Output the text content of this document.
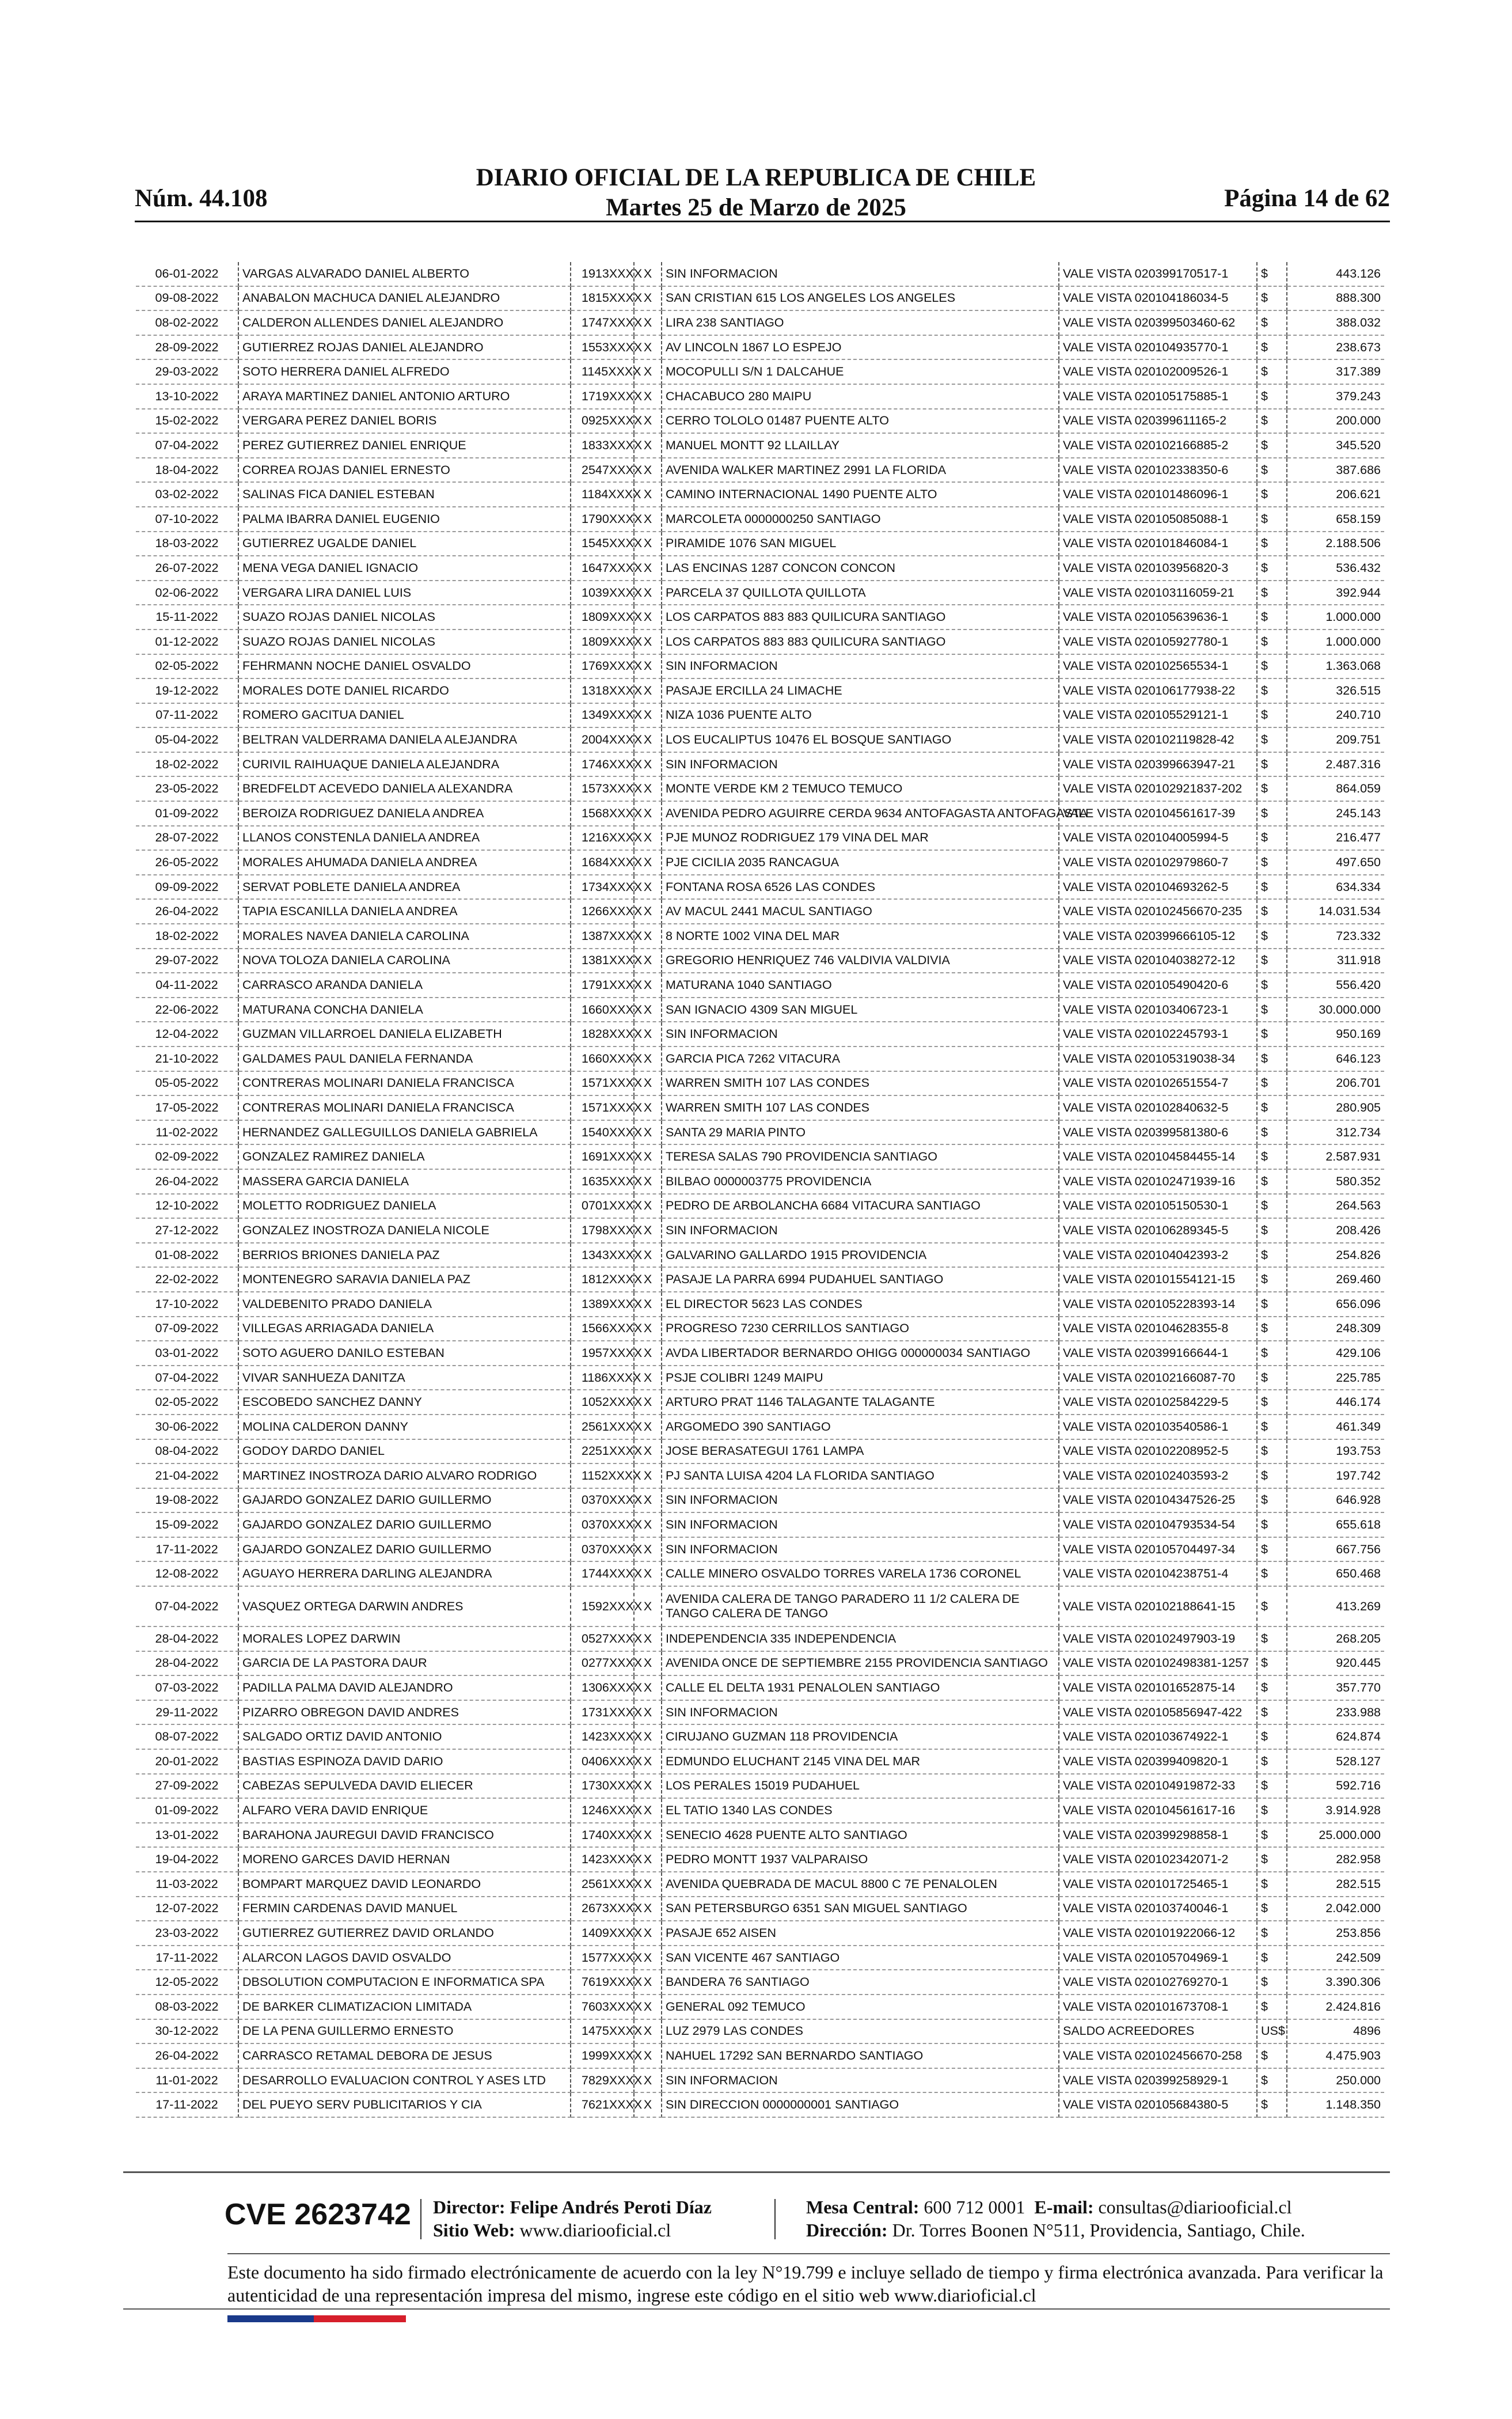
Núm. 44.108
DIARIO OFICIAL DE LA REPUBLICA DE CHILE
Martes 25 de Marzo de 2025	Página 14 de 62
06-01-2022	VARGAS ALVARADO DANIEL ALBERTO	1913XXXX	X	SIN INFORMACION	VALE VISTA 020399170517-1	$	443.126
09-08-2022	ANABALON MACHUCA DANIEL ALEJANDRO	1815XXXX	X	SAN CRISTIAN 615 LOS ANGELES LOS ANGELES	VALE VISTA 020104186034-5	$	888.300
08-02-2022	CALDERON ALLENDES DANIEL ALEJANDRO	1747XXXX	X	LIRA 238 SANTIAGO	VALE VISTA 020399503460-62	$	388.032
28-09-2022	GUTIERREZ ROJAS DANIEL ALEJANDRO	1553XXXX	X	AV LINCOLN 1867 LO ESPEJO	VALE VISTA 020104935770-1	$	238.673
29-03-2022	SOTO HERRERA DANIEL ALFREDO	1145XXXX	X	MOCOPULLI S/N 1 DALCAHUE	VALE VISTA 020102009526-1	$	317.389
13-10-2022	ARAYA MARTINEZ DANIEL ANTONIO ARTURO	1719XXXX	X	CHACABUCO 280 MAIPU	VALE VISTA 020105175885-1	$	379.243
15-02-2022	VERGARA PEREZ DANIEL BORIS	0925XXXX	X	CERRO TOLOLO 01487 PUENTE ALTO	VALE VISTA 020399611165-2	$	200.000
07-04-2022	PEREZ GUTIERREZ DANIEL ENRIQUE	1833XXXX	X	MANUEL MONTT 92 LLAILLAY	VALE VISTA 020102166885-2	$	345.520
18-04-2022	CORREA ROJAS DANIEL ERNESTO	2547XXXX	X	AVENIDA WALKER MARTINEZ 2991 LA FLORIDA	VALE VISTA 020102338350-6	$	387.686
03-02-2022	SALINAS FICA DANIEL ESTEBAN	1184XXXX	X	CAMINO INTERNACIONAL 1490 PUENTE ALTO	VALE VISTA 020101486096-1	$	206.621
07-10-2022	PALMA IBARRA DANIEL EUGENIO	1790XXXX	X	MARCOLETA 0000000250 SANTIAGO	VALE VISTA 020105085088-1	$	658.159
18-03-2022	GUTIERREZ UGALDE DANIEL	1545XXXX	X	PIRAMIDE 1076 SAN MIGUEL	VALE VISTA 020101846084-1	$	2.188.506
26-07-2022	MENA VEGA DANIEL IGNACIO	1647XXXX	X	LAS ENCINAS 1287 CONCON CONCON	VALE VISTA 020103956820-3	$	536.432
02-06-2022	VERGARA LIRA DANIEL LUIS	1039XXXX	X	PARCELA 37 QUILLOTA QUILLOTA	VALE VISTA 020103116059-21	$	392.944
15-11-2022	SUAZO ROJAS DANIEL NICOLAS	1809XXXX	X	LOS CARPATOS 883 883 QUILICURA SANTIAGO	VALE VISTA 020105639636-1	$	1.000.000
01-12-2022	SUAZO ROJAS DANIEL NICOLAS	1809XXXX	X	LOS CARPATOS 883 883 QUILICURA SANTIAGO	VALE VISTA 020105927780-1	$	1.000.000
02-05-2022	FEHRMANN NOCHE DANIEL OSVALDO	1769XXXX	X	SIN INFORMACION	VALE VISTA 020102565534-1	$	1.363.068
19-12-2022	MORALES DOTE DANIEL RICARDO	1318XXXX	X	PASAJE ERCILLA 24 LIMACHE	VALE VISTA 020106177938-22	$	326.515
07-11-2022	ROMERO GACITUA DANIEL	1349XXXX	X	NIZA 1036 PUENTE ALTO	VALE VISTA 020105529121-1	$	240.710
05-04-2022	BELTRAN VALDERRAMA DANIELA ALEJANDRA	2004XXXX	X	LOS EUCALIPTUS 10476 EL BOSQUE SANTIAGO	VALE VISTA 020102119828-42	$	209.751
18-02-2022	CURIVIL RAIHUAQUE DANIELA ALEJANDRA	1746XXXX	X	SIN INFORMACION	VALE VISTA 020399663947-21	$	2.487.316
23-05-2022	BREDFELDT ACEVEDO DANIELA ALEXANDRA	1573XXXX	X	MONTE VERDE KM 2 TEMUCO TEMUCO	VALE VISTA 020102921837-202	$	864.059
01-09-2022	BEROIZA RODRIGUEZ DANIELA ANDREA	1568XXXX	X	AVENIDA PEDRO AGUIRRE CERDA 9634 ANTOFAGASTA ANTOFAGASTA	VALE VISTA 020104561617-39	$	245.143
28-07-2022	LLANOS CONSTENLA DANIELA ANDREA	1216XXXX	X	PJE MUNOZ RODRIGUEZ 179 VINA DEL MAR	VALE VISTA 020104005994-5	$	216.477
26-05-2022	MORALES AHUMADA DANIELA ANDREA	1684XXXX	X	PJE CICILIA 2035 RANCAGUA	VALE VISTA 020102979860-7	$	497.650
09-09-2022	SERVAT POBLETE DANIELA ANDREA	1734XXXX	X	FONTANA ROSA 6526 LAS CONDES	VALE VISTA 020104693262-5	$	634.334
26-04-2022	TAPIA ESCANILLA DANIELA ANDREA	1266XXXX	X	AV MACUL 2441 MACUL SANTIAGO	VALE VISTA 020102456670-235	$	14.031.534
18-02-2022	MORALES NAVEA DANIELA CAROLINA	1387XXXX	X	8 NORTE 1002 VINA DEL MAR	VALE VISTA 020399666105-12	$	723.332
29-07-2022	NOVA TOLOZA DANIELA CAROLINA	1381XXXX	X	GREGORIO HENRIQUEZ 746 VALDIVIA VALDIVIA	VALE VISTA 020104038272-12	$	311.918
04-11-2022	CARRASCO ARANDA DANIELA	1791XXXX	X	MATURANA 1040 SANTIAGO	VALE VISTA 020105490420-6	$	556.420
22-06-2022	MATURANA CONCHA DANIELA	1660XXXX	X	SAN IGNACIO 4309 SAN MIGUEL	VALE VISTA 020103406723-1	$	30.000.000
12-04-2022	GUZMAN VILLARROEL DANIELA ELIZABETH	1828XXXX	X	SIN INFORMACION	VALE VISTA 020102245793-1	$	950.169
21-10-2022	GALDAMES PAUL DANIELA FERNANDA	1660XXXX	X	GARCIA PICA 7262 VITACURA	VALE VISTA 020105319038-34	$	646.123
05-05-2022	CONTRERAS MOLINARI DANIELA FRANCISCA	1571XXXX	X	WARREN SMITH 107 LAS CONDES	VALE VISTA 020102651554-7	$	206.701
17-05-2022	CONTRERAS MOLINARI DANIELA FRANCISCA	1571XXXX	X	WARREN SMITH 107 LAS CONDES	VALE VISTA 020102840632-5	$	280.905
11-02-2022	HERNANDEZ GALLEGUILLOS DANIELA GABRIELA	1540XXXX	X	SANTA 29 MARIA PINTO	VALE VISTA 020399581380-6	$	312.734
02-09-2022	GONZALEZ RAMIREZ DANIELA	1691XXXX	X	TERESA SALAS 790 PROVIDENCIA SANTIAGO	VALE VISTA 020104584455-14	$	2.587.931
26-04-2022	MASSERA GARCIA DANIELA	1635XXXX	X	BILBAO 0000003775 PROVIDENCIA	VALE VISTA 020102471939-16	$	580.352
12-10-2022	MOLETTO RODRIGUEZ DANIELA	0701XXXX	X	PEDRO DE ARBOLANCHA 6684 VITACURA SANTIAGO	VALE VISTA 020105150530-1	$	264.563
27-12-2022	GONZALEZ INOSTROZA DANIELA NICOLE	1798XXXX	X	SIN INFORMACION	VALE VISTA 020106289345-5	$	208.426
01-08-2022	BERRIOS BRIONES DANIELA PAZ	1343XXXX	X	GALVARINO GALLARDO 1915 PROVIDENCIA	VALE VISTA 020104042393-2	$	254.826
22-02-2022	MONTENEGRO SARAVIA DANIELA PAZ	1812XXXX	X	PASAJE LA PARRA 6994 PUDAHUEL SANTIAGO	VALE VISTA 020101554121-15	$	269.460
17-10-2022	VALDEBENITO PRADO DANIELA	1389XXXX	X	EL DIRECTOR 5623 LAS CONDES	VALE VISTA 020105228393-14	$	656.096
07-09-2022	VILLEGAS ARRIAGADA DANIELA	1566XXXX	X	PROGRESO 7230 CERRILLOS SANTIAGO	VALE VISTA 020104628355-8	$	248.309
03-01-2022	SOTO AGUERO DANILO ESTEBAN	1957XXXX	X	AVDA LIBERTADOR BERNARDO OHIGG 000000034 SANTIAGO	VALE VISTA 020399166644-1	$	429.106
07-04-2022	VIVAR SANHUEZA DANITZA	1186XXXX	X	PSJE COLIBRI 1249 MAIPU	VALE VISTA 020102166087-70	$	225.785
02-05-2022	ESCOBEDO SANCHEZ DANNY	1052XXXX	X	ARTURO PRAT 1146 TALAGANTE TALAGANTE	VALE VISTA 020102584229-5	$	446.174
30-06-2022	MOLINA CALDERON DANNY	2561XXXX	X	ARGOMEDO 390 SANTIAGO	VALE VISTA 020103540586-1	$	461.349
08-04-2022	GODOY DARDO DANIEL	2251XXXX	X	JOSE BERASATEGUI 1761 LAMPA	VALE VISTA 020102208952-5	$	193.753
21-04-2022	MARTINEZ INOSTROZA DARIO ALVARO RODRIGO	1152XXXX	X	PJ SANTA LUISA 4204 LA FLORIDA SANTIAGO	VALE VISTA 020102403593-2	$	197.742
19-08-2022	GAJARDO GONZALEZ DARIO GUILLERMO	0370XXXX	X	SIN INFORMACION	VALE VISTA 020104347526-25	$	646.928
15-09-2022	GAJARDO GONZALEZ DARIO GUILLERMO	0370XXXX	X	SIN INFORMACION	VALE VISTA 020104793534-54	$	655.618
17-11-2022	GAJARDO GONZALEZ DARIO GUILLERMO	0370XXXX	X	SIN INFORMACION	VALE VISTA 020105704497-34	$	667.756
12-08-2022	AGUAYO HERRERA DARLING ALEJANDRA	1744XXXX	X	CALLE MINERO OSVALDO TORRES VARELA 1736 CORONEL	VALE VISTA 020104238751-4	$	650.468
07-04-2022	VASQUEZ ORTEGA DARWIN ANDRES	1592XXXX	X	AVENIDA CALERA DE TANGO PARADERO 11 1/2 CALERA DE TANGO CALERA DE TANGO	VALE VISTA 020102188641-15	$	413.269
28-04-2022	MORALES LOPEZ DARWIN	0527XXXX	X	INDEPENDENCIA 335 INDEPENDENCIA	VALE VISTA 020102497903-19	$	268.205
28-04-2022	GARCIA DE LA PASTORA DAUR	0277XXXX	X	AVENIDA ONCE DE SEPTIEMBRE 2155 PROVIDENCIA SANTIAGO	VALE VISTA 020102498381-1257	$	920.445
07-03-2022	PADILLA PALMA DAVID ALEJANDRO	1306XXXX	X	CALLE EL DELTA 1931 PENALOLEN SANTIAGO	VALE VISTA 020101652875-14	$	357.770
29-11-2022	PIZARRO OBREGON DAVID ANDRES	1731XXXX	X	SIN INFORMACION	VALE VISTA 020105856947-422	$	233.988
08-07-2022	SALGADO ORTIZ DAVID ANTONIO	1423XXXX	X	CIRUJANO GUZMAN 118 PROVIDENCIA	VALE VISTA 020103674922-1	$	624.874
20-01-2022	BASTIAS ESPINOZA DAVID DARIO	0406XXXX	X	EDMUNDO ELUCHANT 2145 VINA DEL MAR	VALE VISTA 020399409820-1	$	528.127
27-09-2022	CABEZAS SEPULVEDA DAVID ELIECER	1730XXXX	X	LOS PERALES 15019 PUDAHUEL	VALE VISTA 020104919872-33	$	592.716
01-09-2022	ALFARO VERA DAVID ENRIQUE	1246XXXX	X	EL TATIO 1340 LAS CONDES	VALE VISTA 020104561617-16	$	3.914.928
13-01-2022	BARAHONA JAUREGUI DAVID FRANCISCO	1740XXXX	X	SENECIO 4628 PUENTE ALTO SANTIAGO	VALE VISTA 020399298858-1	$	25.000.000
19-04-2022	MORENO GARCES DAVID HERNAN	1423XXXX	X	PEDRO MONTT 1937 VALPARAISO	VALE VISTA 020102342071-2	$	282.958
11-03-2022	BOMPART MARQUEZ DAVID LEONARDO	2561XXXX	X	AVENIDA QUEBRADA DE MACUL 8800 C 7E PENALOLEN	VALE VISTA 020101725465-1	$	282.515
12-07-2022	FERMIN CARDENAS DAVID MANUEL	2673XXXX	X	SAN PETERSBURGO 6351 SAN MIGUEL SANTIAGO	VALE VISTA 020103740046-1	$	2.042.000
23-03-2022	GUTIERREZ GUTIERREZ DAVID ORLANDO	1409XXXX	X	PASAJE 652 AISEN	VALE VISTA 020101922066-12	$	253.856
17-11-2022	ALARCON LAGOS DAVID OSVALDO	1577XXXX	X	SAN VICENTE 467 SANTIAGO	VALE VISTA 020105704969-1	$	242.509
12-05-2022	DBSOLUTION COMPUTACION E INFORMATICA SPA	7619XXXX	X	BANDERA 76 SANTIAGO	VALE VISTA 020102769270-1	$	3.390.306
08-03-2022	DE BARKER CLIMATIZACION LIMITADA	7603XXXX	X	GENERAL 092 TEMUCO	VALE VISTA 020101673708-1	$	2.424.816
30-12-2022	DE LA PENA GUILLERMO ERNESTO	1475XXXX	X	LUZ 2979 LAS CONDES	SALDO ACREEDORES	US$	4896
26-04-2022	CARRASCO RETAMAL DEBORA DE JESUS	1999XXXX	X	NAHUEL 17292 SAN BERNARDO SANTIAGO	VALE VISTA 020102456670-258	$	4.475.903
11-01-2022	DESARROLLO EVALUACION CONTROL Y ASES LTD	7829XXXX	X	SIN INFORMACION	VALE VISTA 020399258929-1	$	250.000
17-11-2022	DEL PUEYO SERV PUBLICITARIOS Y CIA	7621XXXX	X	SIN DIRECCION 0000000001 SANTIAGO	VALE VISTA 020105684380-5	$	1.148.350
CVE 2623742 Director: Felipe Andrés Peroti Díaz
Sitio Web: www.diariooficial.cl
Mesa Central: 600 712 0001 E-mail: consultas@diariooficial.cl
Dirección: Dr. Torres Boonen N°511, Providencia, Santiago, Chile.
Este documento ha sido firmado electrónicamente de acuerdo con la ley N°19.799 e incluye sellado de tiempo y firma electrónica avanzada. Para verificar la autenticidad de una representación impresa del mismo, ingrese este código en el sitio web www.diarioficial.cl
